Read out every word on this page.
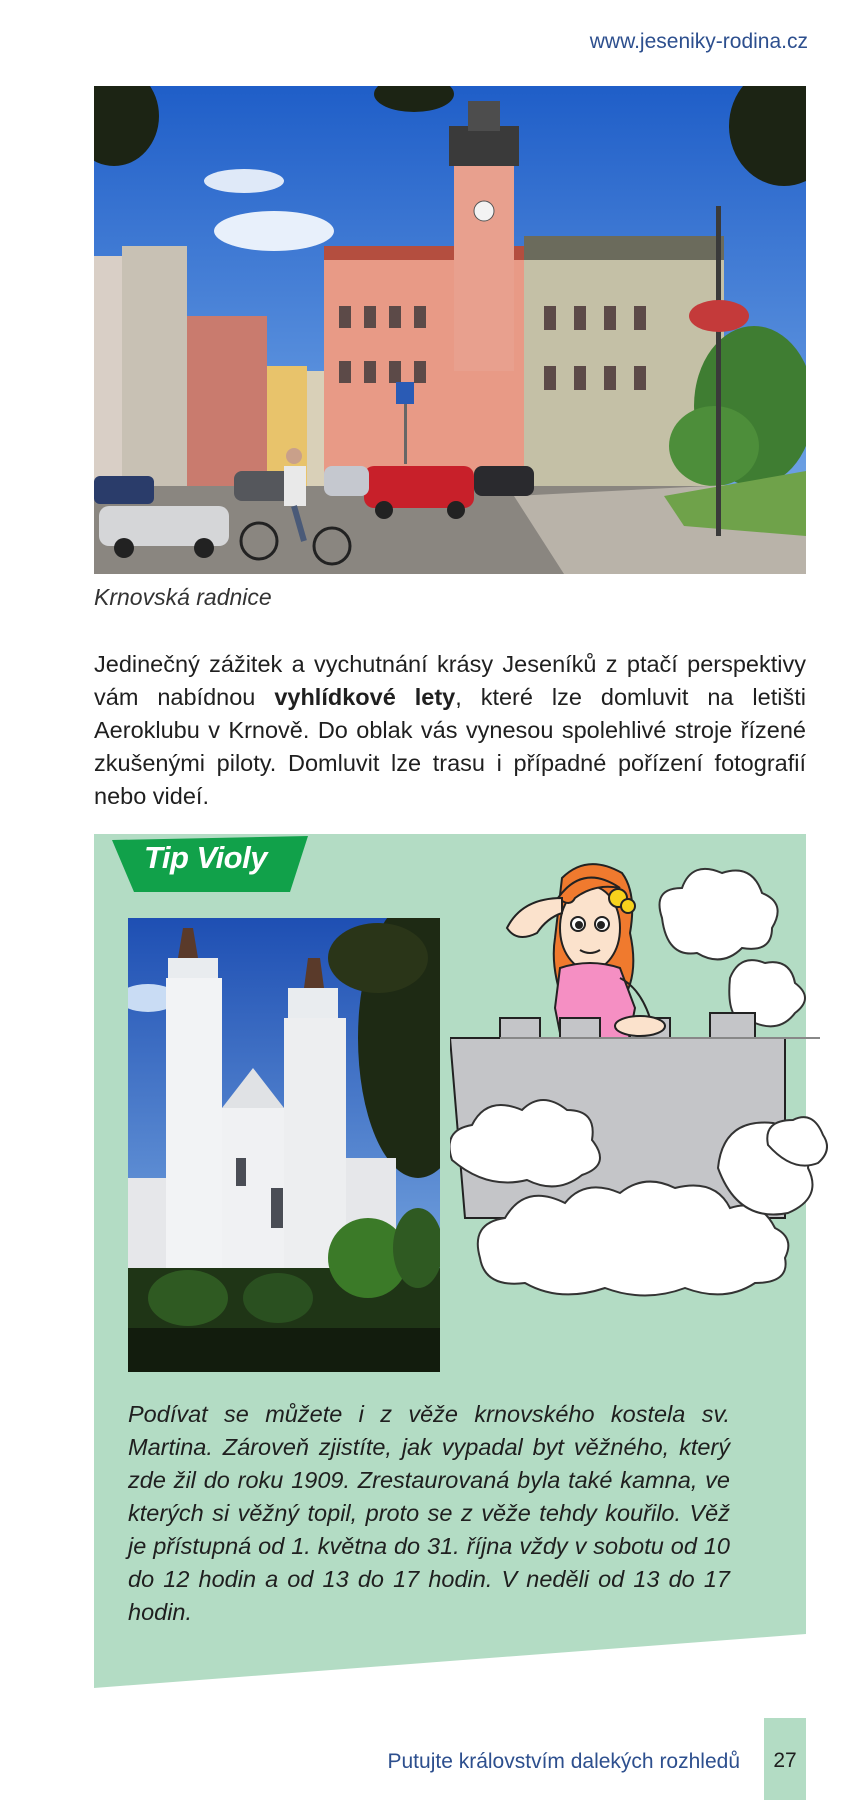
www.jeseniky-rodina.cz
Krnovská radnice
Jedinečný zážitek a vychutnání krásy Jeseníků z ptačí perspektivy vám nabídnou vyhlídkové lety, které lze domluvit na letišti Aeroklubu v Krnově. Do oblak vás vynesou spolehlivé stroje řízené zkušenými piloty. Domluvit lze trasu i případné pořízení fotografií nebo videí.
Tip Violy
Podívat se můžete i z věže krnovského kostela sv. Martina. Zároveň zjistíte, jak vypadal byt věžného, který zde žil do roku 1909. Zrestaurovaná byla také kamna, ve kterých si věžný topil, proto se z věže tehdy kouřilo. Věž je přístupná od 1. května do 31. října vždy v sobotu od 10 do 12 hodin a od 13 do 17 hodin. V neděli od 13 do 17 hodin.
Putujte královstvím dalekých rozhledů	27
